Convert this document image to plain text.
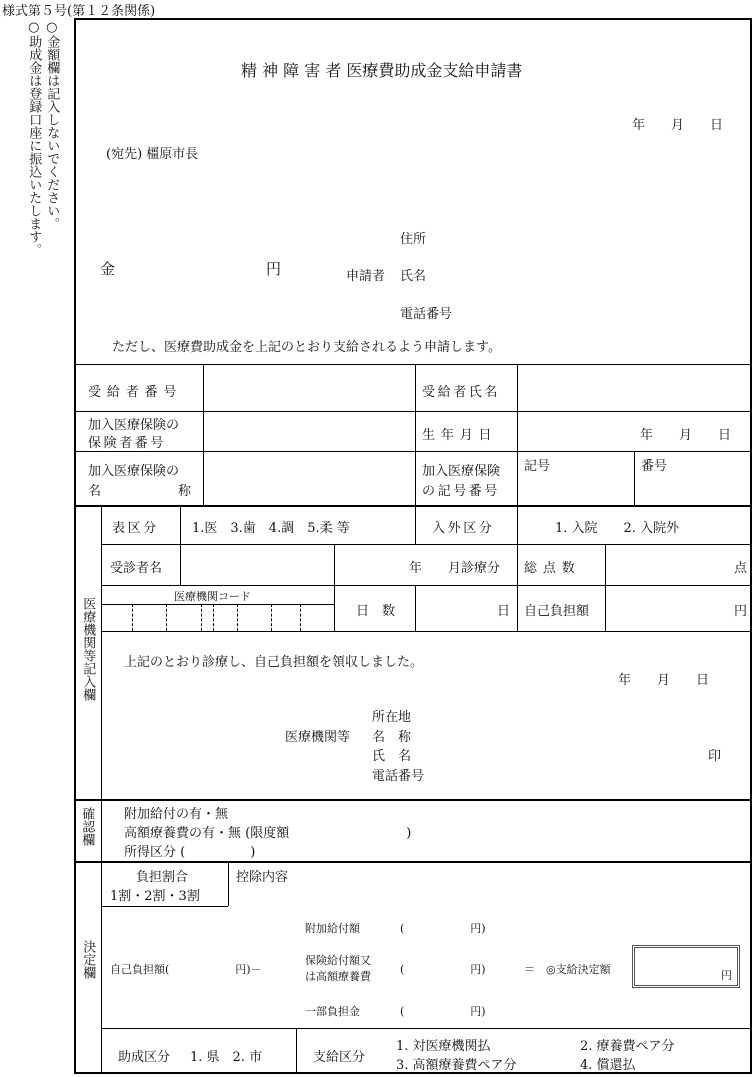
様式第５号(第１２条関係)
○金額欄は記入しないでください。
○助成金は登録口座に振込いたします。	精 神 障 害 者 医療費助成金支給申請書
年　　月　　日
(宛先) 橿原市長
金	円
住所
申請者 氏名
電話番号
ただし、医療費助成金を上記のとおり支給されるよう申請します。
受給者番号	受給者氏名
加入医療保険の
保険者番号
生年月日	年　　月　　日
加入医療保険の
名	称
加入医療保険
の記号番号
記号	番号
医療機関等記入欄
表区分	1.医　3.歯　4.調　5.柔 等	入外区分	1. 入院　　2. 入院外
受診者名	年　　月診療分 総点数	点
医療機関コード
日　数	日 自己負担額	円
上記のとおり診療し、自己負担額を領収しました。
年　　月　　日
医療機関等
所在地
名　称
氏　名
電話番号
印
確認欄 附加給付の有・無
高額療養費の有・無 (限度額　　　　　　　　　)
所得区分 (　　　　　)
決定欄
負担割合
1割・2割・3割
控除内容
自己負担額(　　　　　　円)－
附加給付額	(　　　　　　円)
保険給付額又
は高額療養費
(　　　　　　円)
一部負担金	(　　　　　　円)
＝ ◎支給決定額	円
助成区分 1. 県　2. 市	支給区分
1. 対医療機関払	2. 療養費ペア分
3. 高額療養費ペア分	4. 償還払
